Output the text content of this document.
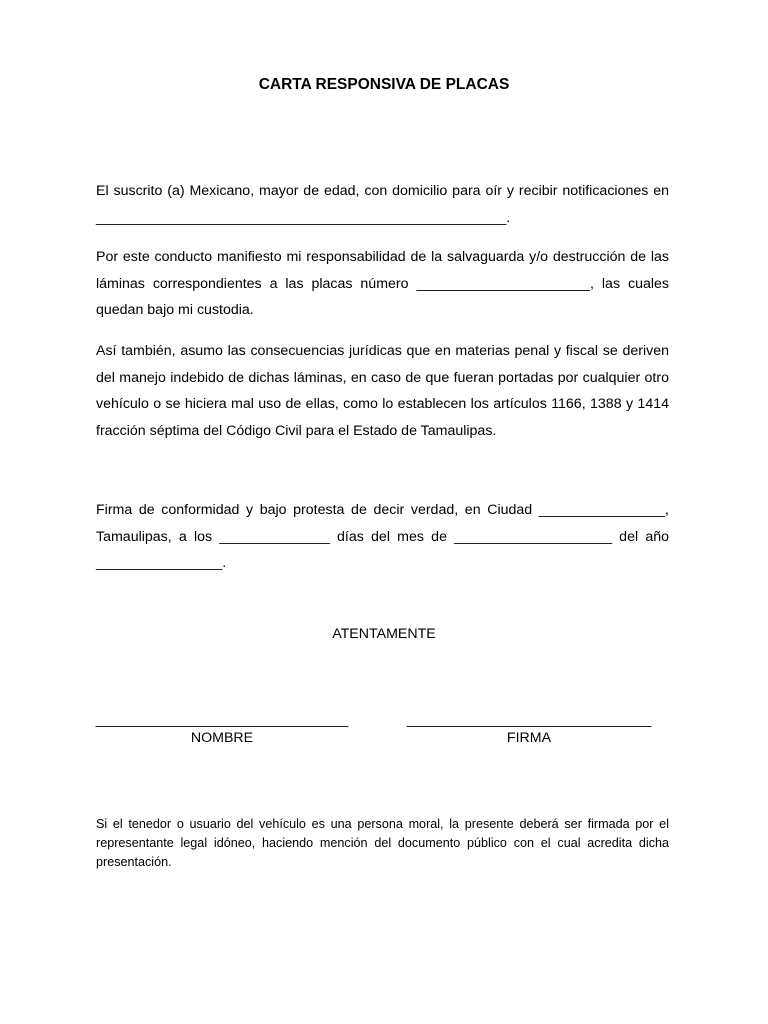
CARTA RESPONSIVA DE PLACAS

El suscrito (a) Mexicano, mayor de edad, con domicilio para oír y recibir notificaciones en ____________________________________________________.

Por este conducto manifiesto mi responsabilidad de la salvaguarda y/o destrucción de las láminas correspondientes a las placas número ______________________, las cuales quedan bajo mi custodia.

Así también, asumo las consecuencias jurídicas que en materias penal y fiscal se deriven del manejo indebido de dichas láminas, en caso de que fueran portadas por cualquier otro vehículo o se hiciera mal uso de ellas, como lo establecen los artículos 1166, 1388 y 1414 fracción séptima del Código Civil para el Estado de Tamaulipas.

Firma de conformidad y bajo protesta de decir verdad, en Ciudad ________________, Tamaulipas, a los ______________ días del mes de ____________________ del año ________________.

ATENTAMENTE

________________________________
NOMBRE
_______________________________
FIRMA

Si el tenedor o usuario del vehículo es una persona moral, la presente deberá ser firmada por el representante legal idóneo, haciendo mención del documento público con el cual acredita dicha presentación.
